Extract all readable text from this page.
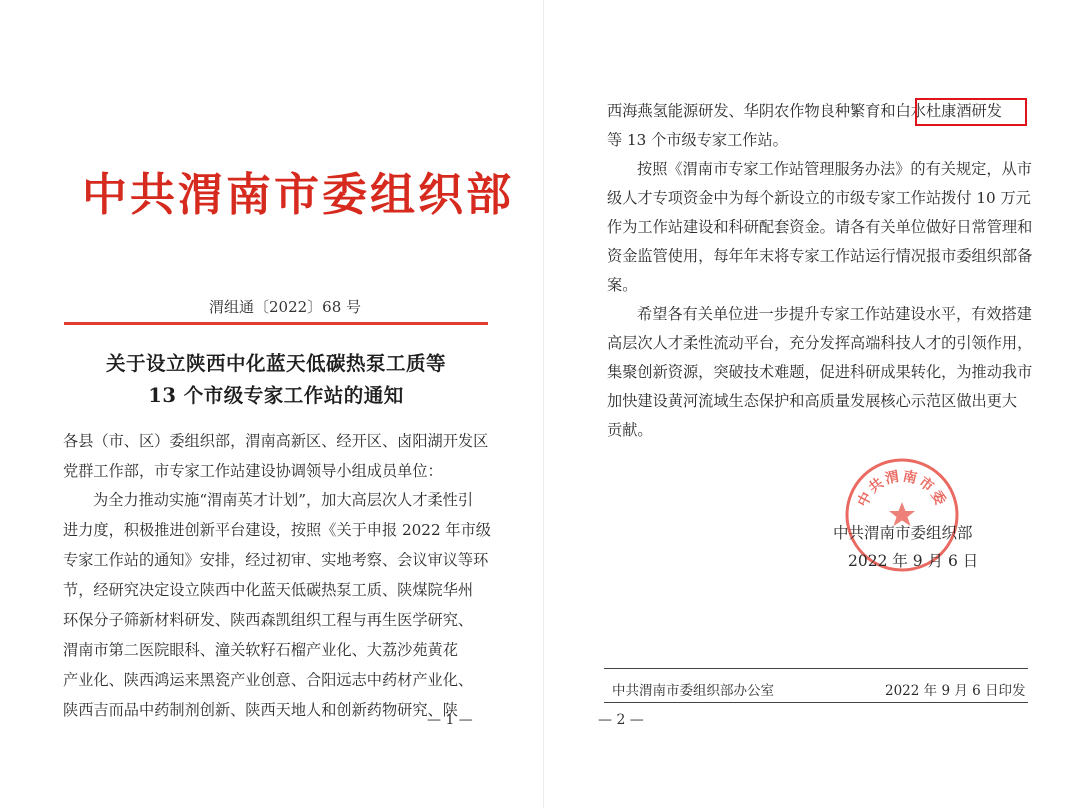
中共渭南市委组织部
渭组通〔2022〕68 号
关于设立陕西中化蓝天低碳热泵工质等
13 个市级专家工作站的通知
各县（市、区）委组织部，渭南高新区、经开区、卤阳湖开发区
党群工作部，市专家工作站建设协调领导小组成员单位：
为全力推动实施“渭南英才计划”，加大高层次人才柔性引
进力度，积极推进创新平台建设，按照《关于申报 2022 年市级
专家工作站的通知》安排，经过初审、实地考察、会议审议等环
节，经研究决定设立陕西中化蓝天低碳热泵工质、陕煤院华州
环保分子筛新材料研发、陕西森凯组织工程与再生医学研究、
渭南市第二医院眼科、潼关软籽石榴产业化、大荔沙苑黄花
产业化、陕西鸿运来黑瓷产业创意、合阳远志中药材产业化、
陕西吉而品中药制剂创新、陕西天地人和创新药物研究、陕
— 1 —
西海燕氢能源研发、华阴农作物良种繁育和白水杜康酒研发
等 13 个市级专家工作站。
按照《渭南市专家工作站管理服务办法》的有关规定，从市
级人才专项资金中为每个新设立的市级专家工作站拨付 10 万元
作为工作站建设和科研配套资金。请各有关单位做好日常管理和
资金监管使用，每年年末将专家工作站运行情况报市委组织部备
案。
希望各有关单位进一步提升专家工作站建设水平，有效搭建
高层次人才柔性流动平台，充分发挥高端科技人才的引领作用，
集聚创新资源，突破技术难题，促进科研成果转化，为推动我市
加快建设黄河流域生态保护和高质量发展核心示范区做出更大
贡献。
中共渭南市委
中共渭南市委组织部
2022 年 9 月 6 日
中共渭南市委组织部办公室	2022 年 9 月 6 日印发
— 2 —
